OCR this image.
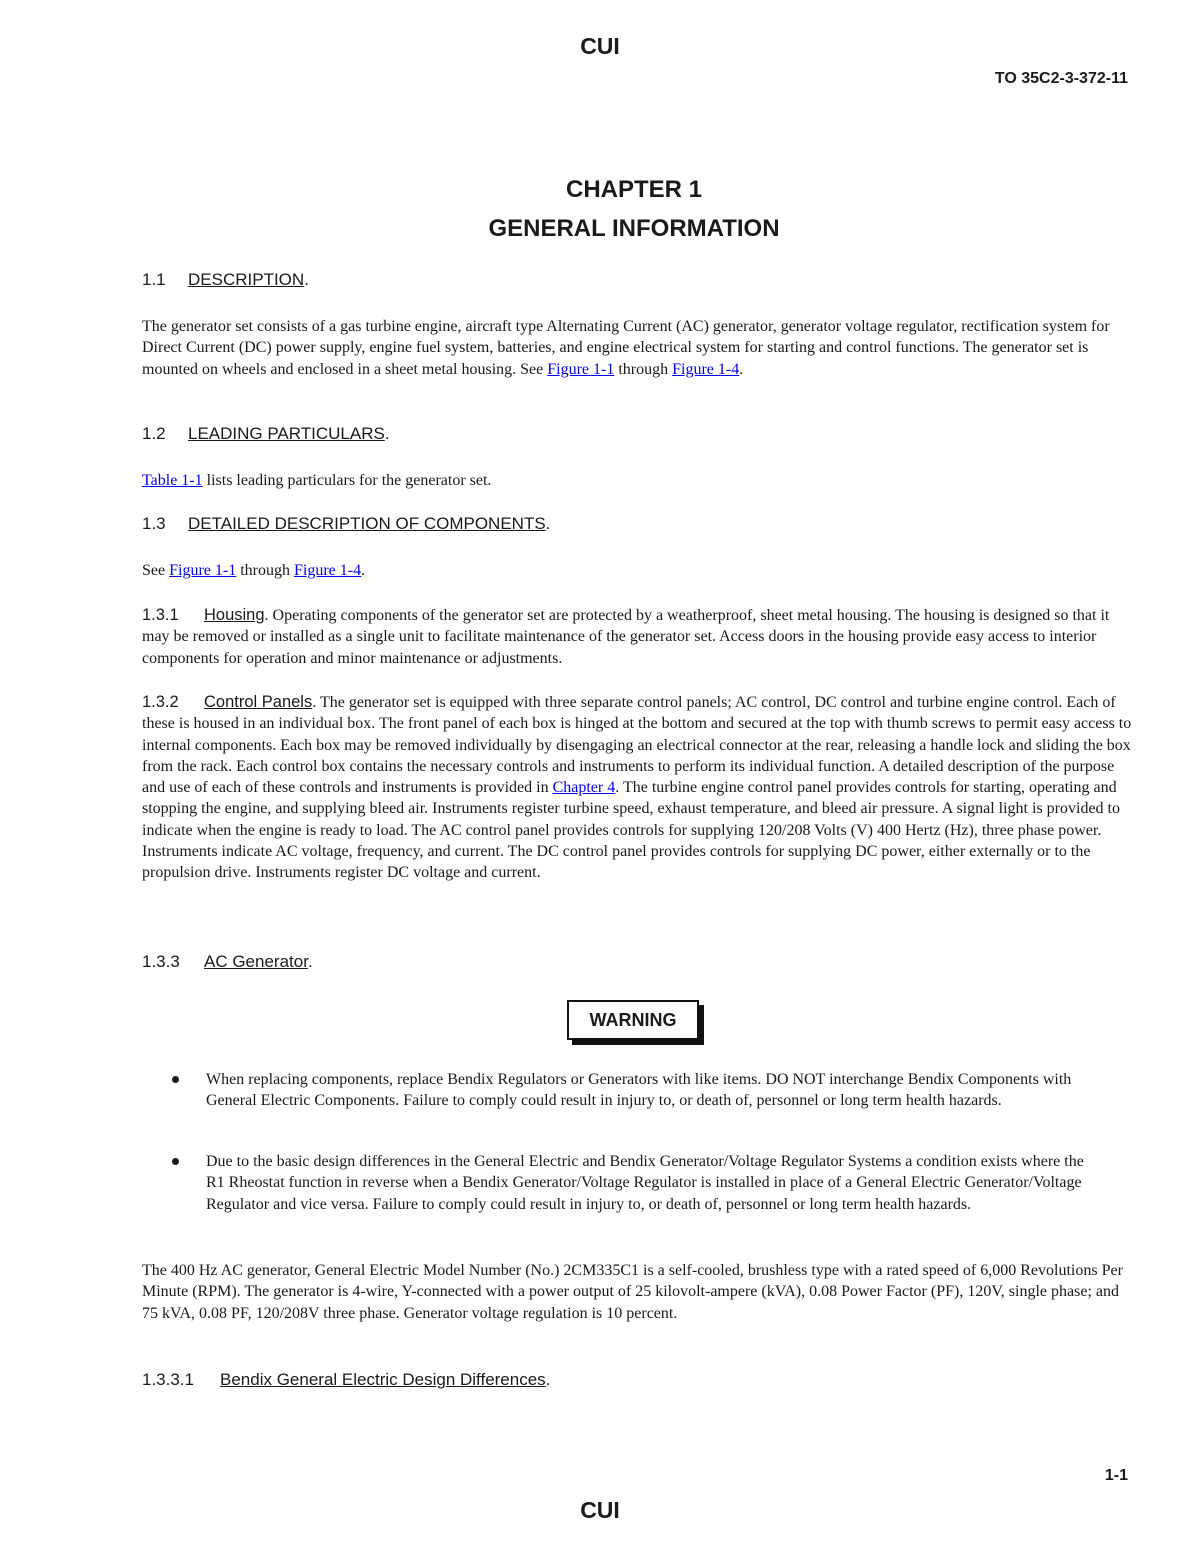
CUI
TO 35C2-3-372-11
CHAPTER 1
GENERAL INFORMATION
1.1 DESCRIPTION.
The generator set consists of a gas turbine engine, aircraft type Alternating Current (AC) generator, generator voltage regulator, rectification system for Direct Current (DC) power supply, engine fuel system, batteries, and engine electrical system for starting and control functions. The generator set is mounted on wheels and enclosed in a sheet metal housing. See Figure 1-1 through Figure 1-4.
1.2 LEADING PARTICULARS.
Table 1-1 lists leading particulars for the generator set.
1.3 DETAILED DESCRIPTION OF COMPONENTS.
See Figure 1-1 through Figure 1-4.
1.3.1 Housing. Operating components of the generator set are protected by a weatherproof, sheet metal housing. The housing is designed so that it may be removed or installed as a single unit to facilitate maintenance of the generator set. Access doors in the housing provide easy access to interior components for operation and minor maintenance or adjustments.
1.3.2 Control Panels. The generator set is equipped with three separate control panels; AC control, DC control and turbine engine control. Each of these is housed in an individual box. The front panel of each box is hinged at the bottom and secured at the top with thumb screws to permit easy access to internal components. Each box may be removed individually by disengaging an electrical connector at the rear, releasing a handle lock and sliding the box from the rack. Each control box contains the necessary controls and instruments to perform its individual function. A detailed description of the purpose and use of each of these controls and instruments is provided in Chapter 4. The turbine engine control panel provides controls for starting, operating and stopping the engine, and supplying bleed air. Instruments register turbine speed, exhaust temperature, and bleed air pressure. A signal light is provided to indicate when the engine is ready to load. The AC control panel provides controls for supplying 120/208 Volts (V) 400 Hertz (Hz), three phase power. Instruments indicate AC voltage, frequency, and current. The DC control panel provides controls for supplying DC power, either externally or to the propulsion drive. Instruments register DC voltage and current.
1.3.3 AC Generator.
WARNING
When replacing components, replace Bendix Regulators or Generators with like items. DO NOT interchange Bendix Components with General Electric Components. Failure to comply could result in injury to, or death of, personnel or long term health hazards.
Due to the basic design differences in the General Electric and Bendix Generator/Voltage Regulator Systems a condition exists where the R1 Rheostat function in reverse when a Bendix Generator/Voltage Regulator is installed in place of a General Electric Generator/Voltage Regulator and vice versa. Failure to comply could result in injury to, or death of, personnel or long term health hazards.
The 400 Hz AC generator, General Electric Model Number (No.) 2CM335C1 is a self-cooled, brushless type with a rated speed of 6,000 Revolutions Per Minute (RPM). The generator is 4-wire, Y-connected with a power output of 25 kilovolt-ampere (kVA), 0.08 Power Factor (PF), 120V, single phase; and 75 kVA, 0.08 PF, 120/208V three phase. Generator voltage regulation is 10 percent.
1.3.3.1 Bendix General Electric Design Differences.
1-1
CUI
